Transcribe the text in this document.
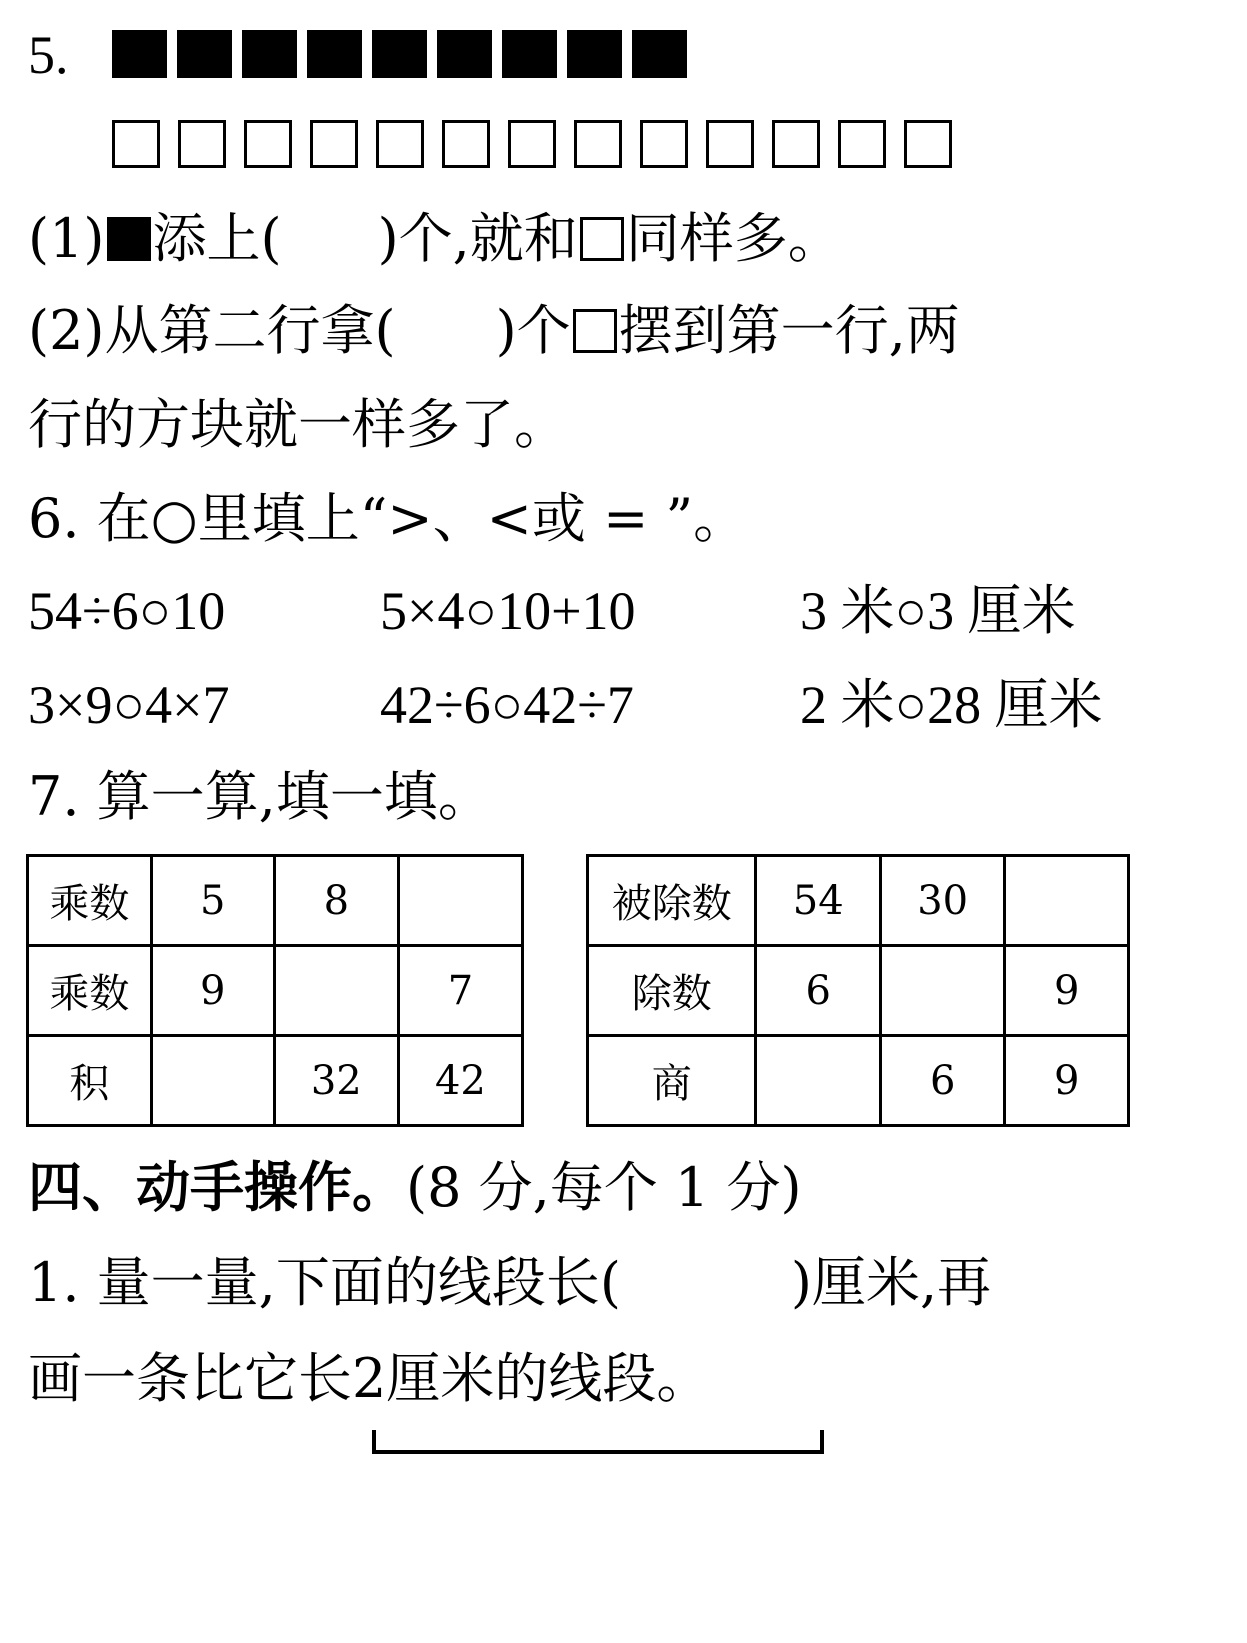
5.
(1) 添上( )个,就和 同样多。
(2)从第二行拿( )个 摆到第一行,两
行的方块就一样多了。
6. 在○里填上“>、<或 = ”。
54÷6○10	5×4○10+10	3 米○3 厘米
3×9○4×7	42÷6○42÷7	2 米○28 厘米
7. 算一算,填一填。
乘数	5	8	
乘数	9		7
积		32	42
被除数	54	30	
除数	6		9
商		6	9
四、动手操作。(8 分,每个 1 分)
1. 量一量,下面的线段长(	)厘米,再
画一条比它长2厘米的线段。
